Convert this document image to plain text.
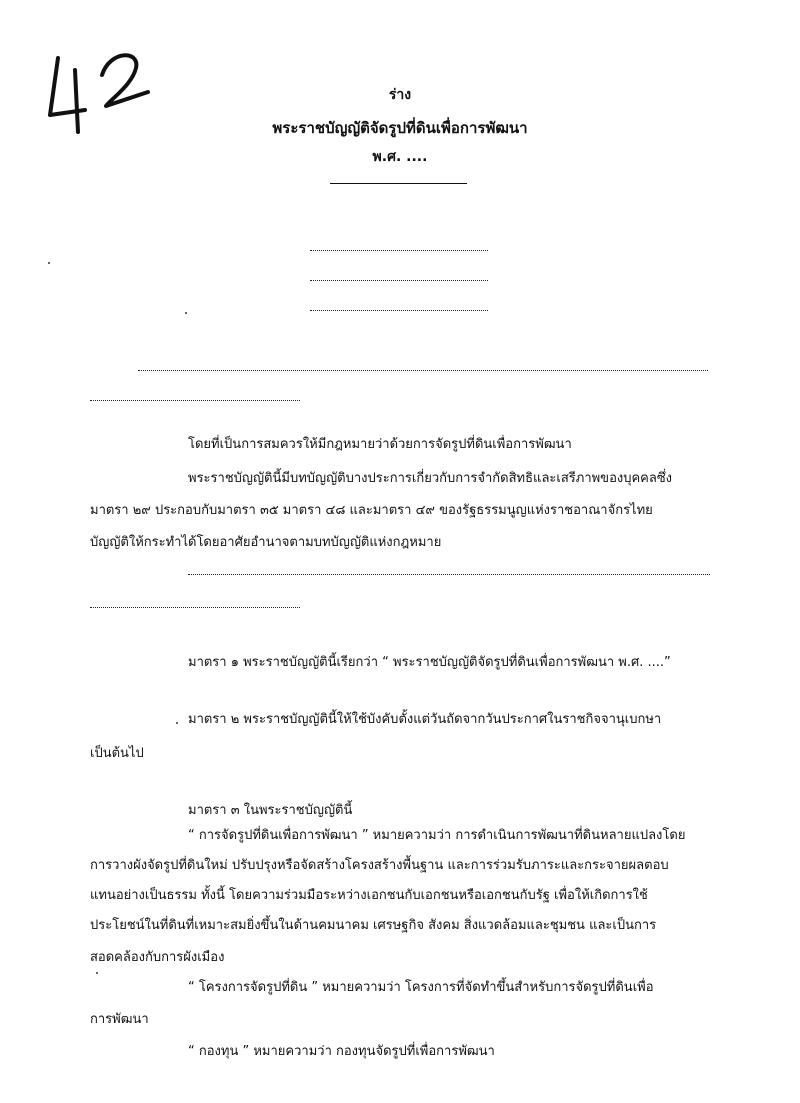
ร่าง
พระราชบัญญัติจัดรูปที่ดินเพื่อการพัฒนา
พ.ศ. ....
โดยที่เป็นการสมควรให้มีกฎหมายว่าด้วยการจัดรูปที่ดินเพื่อการพัฒนา
พระราชบัญญัตินี้มีบทบัญญัติบางประการเกี่ยวกับการจำกัดสิทธิและเสรีภาพของบุคคลซึ่ง
มาตรา ๒๙ ประกอบกับมาตรา ๓๕ มาตรา ๔๘ และมาตรา ๔๙ ของรัฐธรรมนูญแห่งราชอาณาจักรไทย
บัญญัติให้กระทำได้โดยอาศัยอำนาจตามบทบัญญัติแห่งกฎหมาย
มาตรา ๑ พระราชบัญญัตินี้เรียกว่า “ พระราชบัญญัติจัดรูปที่ดินเพื่อการพัฒนา พ.ศ. ....”
มาตรา ๒ พระราชบัญญัตินี้ให้ใช้บังคับตั้งแต่วันถัดจากวันประกาศในราชกิจจานุเบกษา
เป็นต้นไป
มาตรา ๓ ในพระราชบัญญัตินี้
“ การจัดรูปที่ดินเพื่อการพัฒนา ” หมายความว่า การดำเนินการพัฒนาที่ดินหลายแปลงโดย
การวางผังจัดรูปที่ดินใหม่ ปรับปรุงหรือจัดสร้างโครงสร้างพื้นฐาน และการร่วมรับภาระและกระจายผลตอบ
แทนอย่างเป็นธรรม ทั้งนี้ โดยความร่วมมือระหว่างเอกชนกับเอกชนหรือเอกชนกับรัฐ เพื่อให้เกิดการใช้
ประโยชน์ในที่ดินที่เหมาะสมยิ่งขึ้นในด้านคมนาคม เศรษฐกิจ สังคม สิ่งแวดล้อมและชุมชน และเป็นการ
สอดคล้องกับการผังเมือง
“ โครงการจัดรูปที่ดิน ” หมายความว่า โครงการที่จัดทำขึ้นสำหรับการจัดรูปที่ดินเพื่อ
การพัฒนา
“ กองทุน ” หมายความว่า กองทุนจัดรูปที่เพื่อการพัฒนา
